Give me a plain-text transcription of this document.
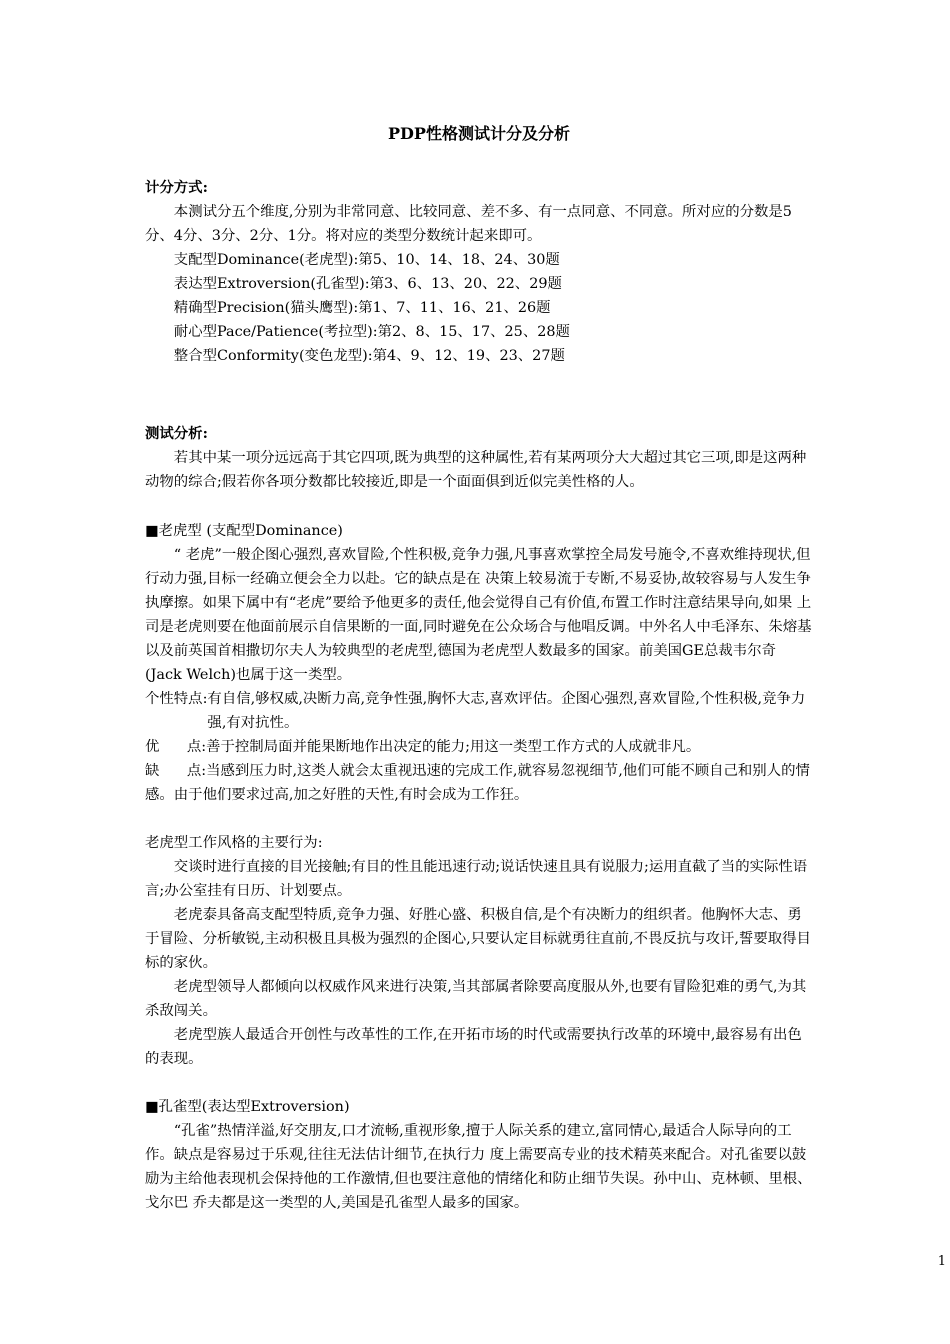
PDP性格测试计分及分析

计分方式:

本测试分五个维度,分别为非常同意、比较同意、差不多、有一点同意、不同意。所对应的分数是5分、4分、3分、2分、1分。将对应的类型分数统计起来即可。

支配型Dominance(老虎型):第5、10、14、18、24、30题

表达型Extroversion(孔雀型):第3、6、13、20、22、29题

精确型Precision(猫头鹰型):第1、7、11、16、21、26题

耐心型Pace/Patience(考拉型):第2、8、15、17、25、28题

整合型Conformity(变色龙型):第4、9、12、19、23、27题

测试分析:

若其中某一项分远远高于其它四项,既为典型的这种属性,若有某两项分大大超过其它三项,即是这两种动物的综合;假若你各项分数都比较接近,即是一个面面俱到近似完美性格的人。

■老虎型 (支配型Dominance)

“ 老虎”一般企图心强烈,喜欢冒险,个性积极,竞争力强,凡事喜欢掌控全局发号施令,不喜欢维持现状,但行动力强,目标一经确立便会全力以赴。它的缺点是在 决策上较易流于专断,不易妥协,故较容易与人发生争执摩擦。如果下属中有“老虎”要给予他更多的责任,他会觉得自己有价值,布置工作时注意结果导向,如果 上司是老虎则要在他面前展示自信果断的一面,同时避免在公众场合与他唱反调。中外名人中毛泽东、朱熔基以及前英国首相撒切尔夫人为较典型的老虎型,德国为老虎型人数最多的国家。前美国GE总裁韦尔奇 (Jack Welch)也属于这一类型。

个性特点: 有自信,够权威,决断力高,竞争性强,胸怀大志,喜欢评估。企图心强烈,喜欢冒险,个性积极,竞争力强,有对抗性。

优 点:善于控制局面并能果断地作出决定的能力;用这一类型工作方式的人成就非凡。

缺 点:当感到压力时,这类人就会太重视迅速的完成工作,就容易忽视细节,他们可能不顾自己和别人的情感。由于他们要求过高,加之好胜的天性,有时会成为工作狂。

老虎型工作风格的主要行为:

交谈时进行直接的目光接触;有目的性且能迅速行动;说话快速且具有说服力;运用直截了当的实际性语言;办公室挂有日历、计划要点。

老虎泰具备高支配型特质,竞争力强、好胜心盛、积极自信,是个有决断力的组织者。他胸怀大志、勇于冒险、分析敏锐,主动积极且具极为强烈的企图心,只要认定目标就勇往直前,不畏反抗与攻讦,誓要取得目标的家伙。

老虎型领导人都倾向以权威作风来进行决策,当其部属者除要高度服从外,也要有冒险犯难的勇气,为其杀敌闯关。

老虎型族人最适合开创性与改革性的工作,在开拓市场的时代或需要执行改革的环境中,最容易有出色的表现。

■孔雀型(表达型Extroversion)

“孔雀”热情洋溢,好交朋友,口才流畅,重视形象,擅于人际关系的建立,富同情心,最适合人际导向的工作。缺点是容易过于乐观,往往无法估计细节,在执行力 度上需要高专业的技术精英来配合。对孔雀要以鼓励为主给他表现机会保持他的工作激情,但也要注意他的情绪化和防止细节失误。孙中山、克林顿、里根、戈尔巴 乔夫都是这一类型的人,美国是孔雀型人最多的国家。

1
